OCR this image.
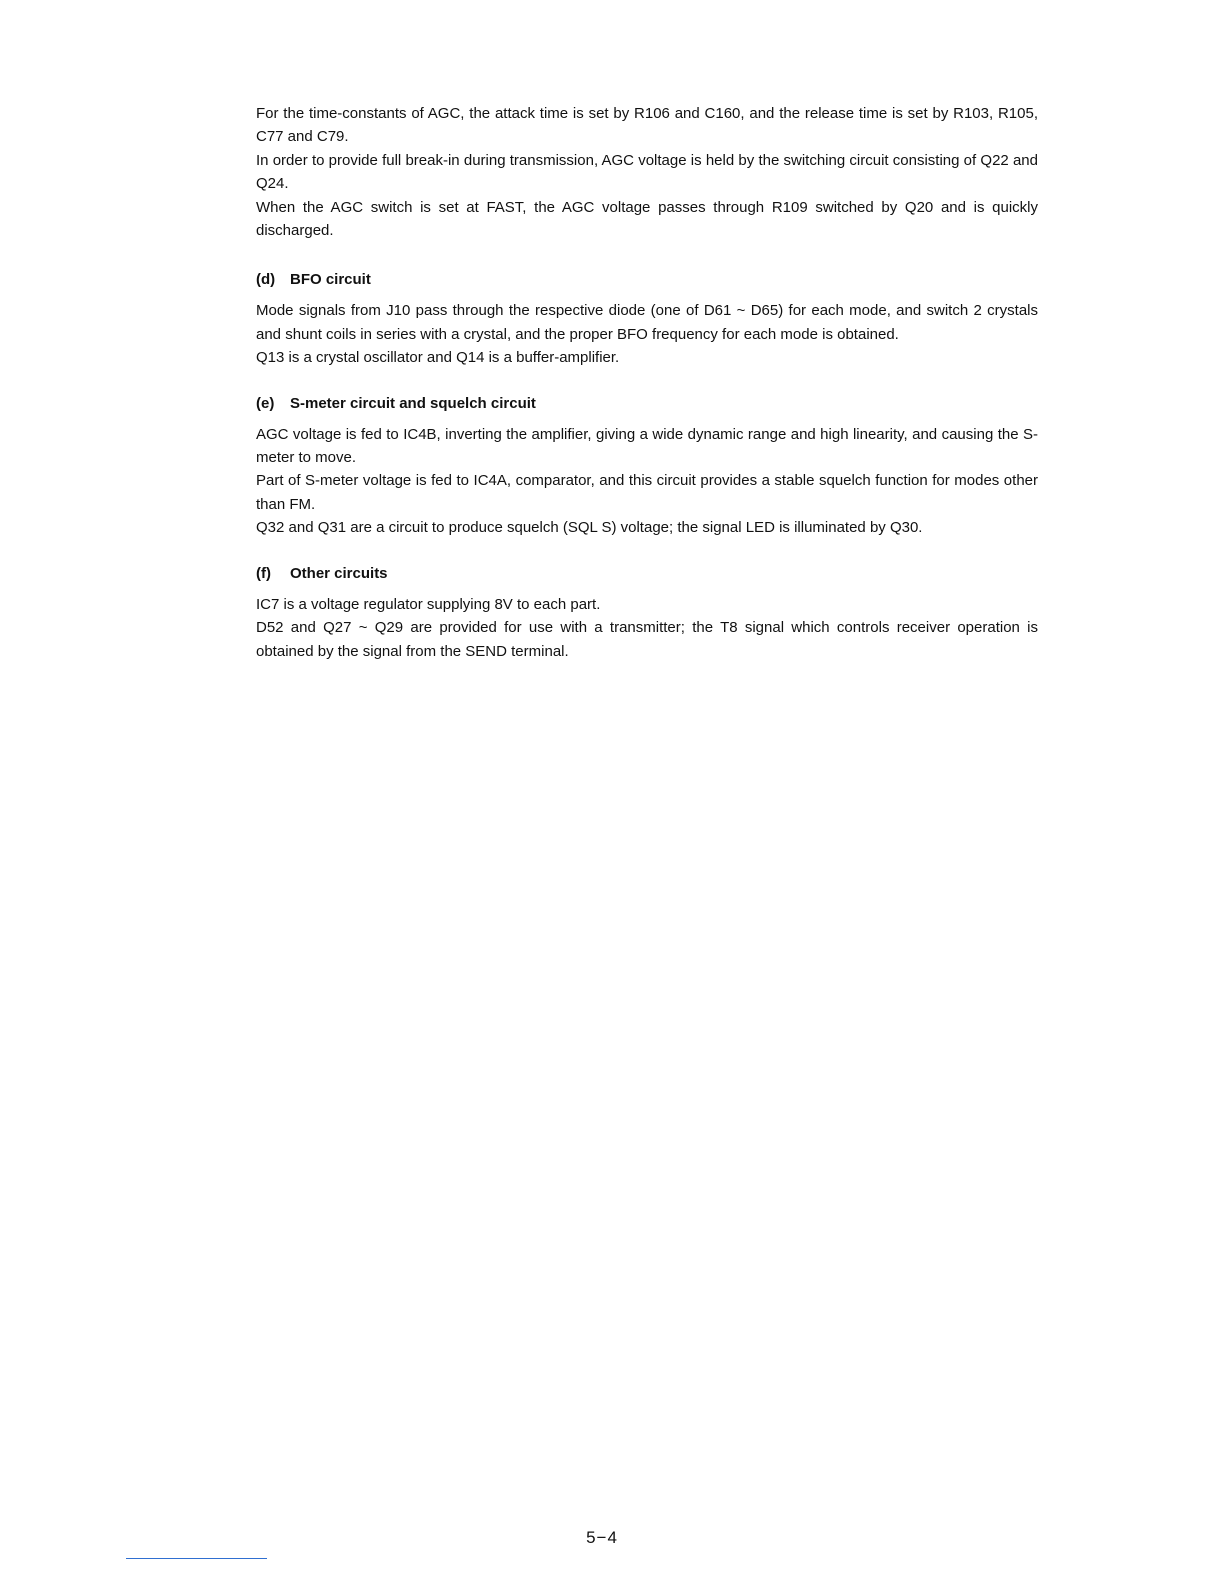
For the time-constants of AGC, the attack time is set by R106 and C160, and the release time is set by R103, R105, C77 and C79.

In order to provide full break-in during transmission, AGC voltage is held by the switching circuit consisting of Q22 and Q24.

When the AGC switch is set at FAST, the AGC voltage passes through R109 switched by Q20 and is quickly discharged.

(d) BFO circuit

Mode signals from J10 pass through the respective diode (one of D61 ~ D65) for each mode, and switch 2 crystals and shunt coils in series with a crystal, and the proper BFO frequency for each mode is obtained.

Q13 is a crystal oscillator and Q14 is a buffer-amplifier.

(e) S-meter circuit and squelch circuit

AGC voltage is fed to IC4B, inverting the amplifier, giving a wide dynamic range and high linearity, and causing the S-meter to move.

Part of S-meter voltage is fed to IC4A, comparator, and this circuit provides a stable squelch function for modes other than FM.

Q32 and Q31 are a circuit to produce squelch (SQL S) voltage; the signal LED is illuminated by Q30.

(f) Other circuits

IC7 is a voltage regulator supplying 8V to each part.

D52 and Q27 ~ Q29 are provided for use with a transmitter; the T8 signal which controls receiver operation is obtained by the signal from the SEND terminal.

5−4
